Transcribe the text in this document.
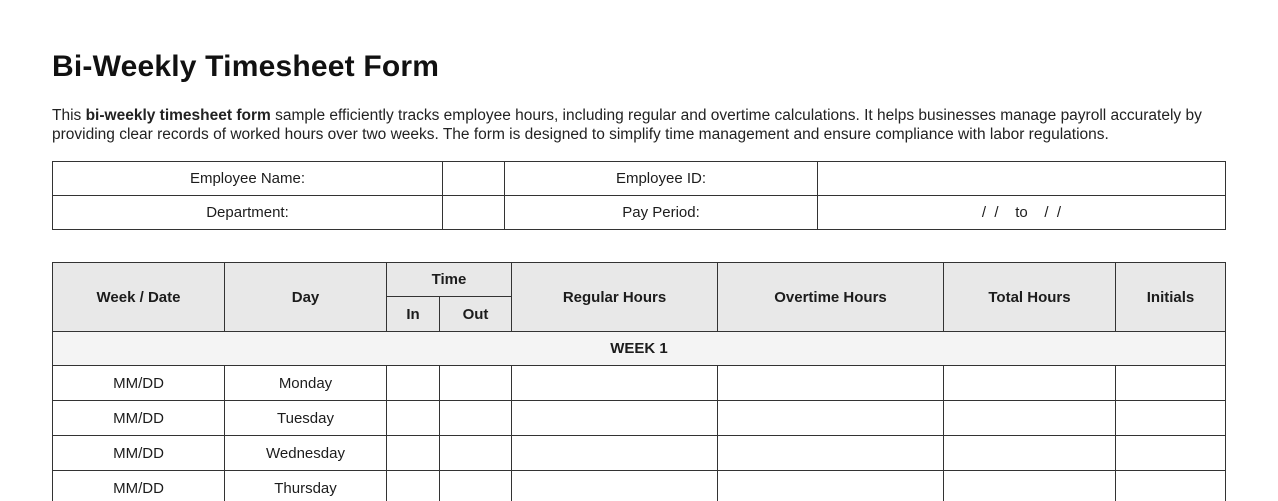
Bi-Weekly Timesheet Form

This bi-weekly timesheet form sample efficiently tracks employee hours, including regular and overtime calculations. It helps businesses manage payroll accurately by providing clear records of worked hours over two weeks. The form is designed to simplify time management and ensure compliance with labor regulations.

Employee Name:		Employee ID:	
Department:		Pay Period:	/  /    to    /  /
Week / Date	Day	Time		Regular Hours	Overtime Hours	Total Hours	Initials
		In	Out				
WEEK 1							
MM/DD	Monday						
MM/DD	Tuesday						
MM/DD	Wednesday						
MM/DD	Thursday						
